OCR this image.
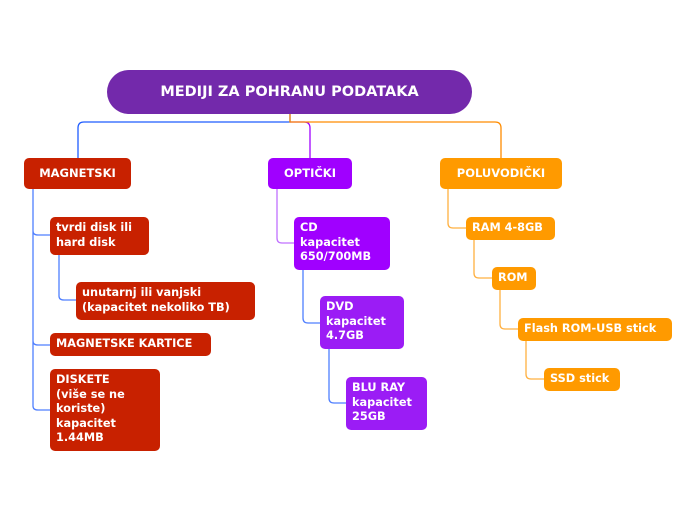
MEDIJI ZA POHRANU PODATAKA
MAGNETSKI	OPTIČKI	POLUVODIČKI
tvrdi disk ili
hard disk
unutarnj ili vanjski
(kapacitet nekoliko TB)
MAGNETSKE KARTICE
DISKETE
(više se ne
koriste)
kapacitet
1.44MB
CD
kapacitet
650/700MB
DVD
kapacitet
4.7GB
BLU RAY
kapacitet
25GB
RAM 4-8GB
ROM
Flash ROM-USB stick
SSD stick
